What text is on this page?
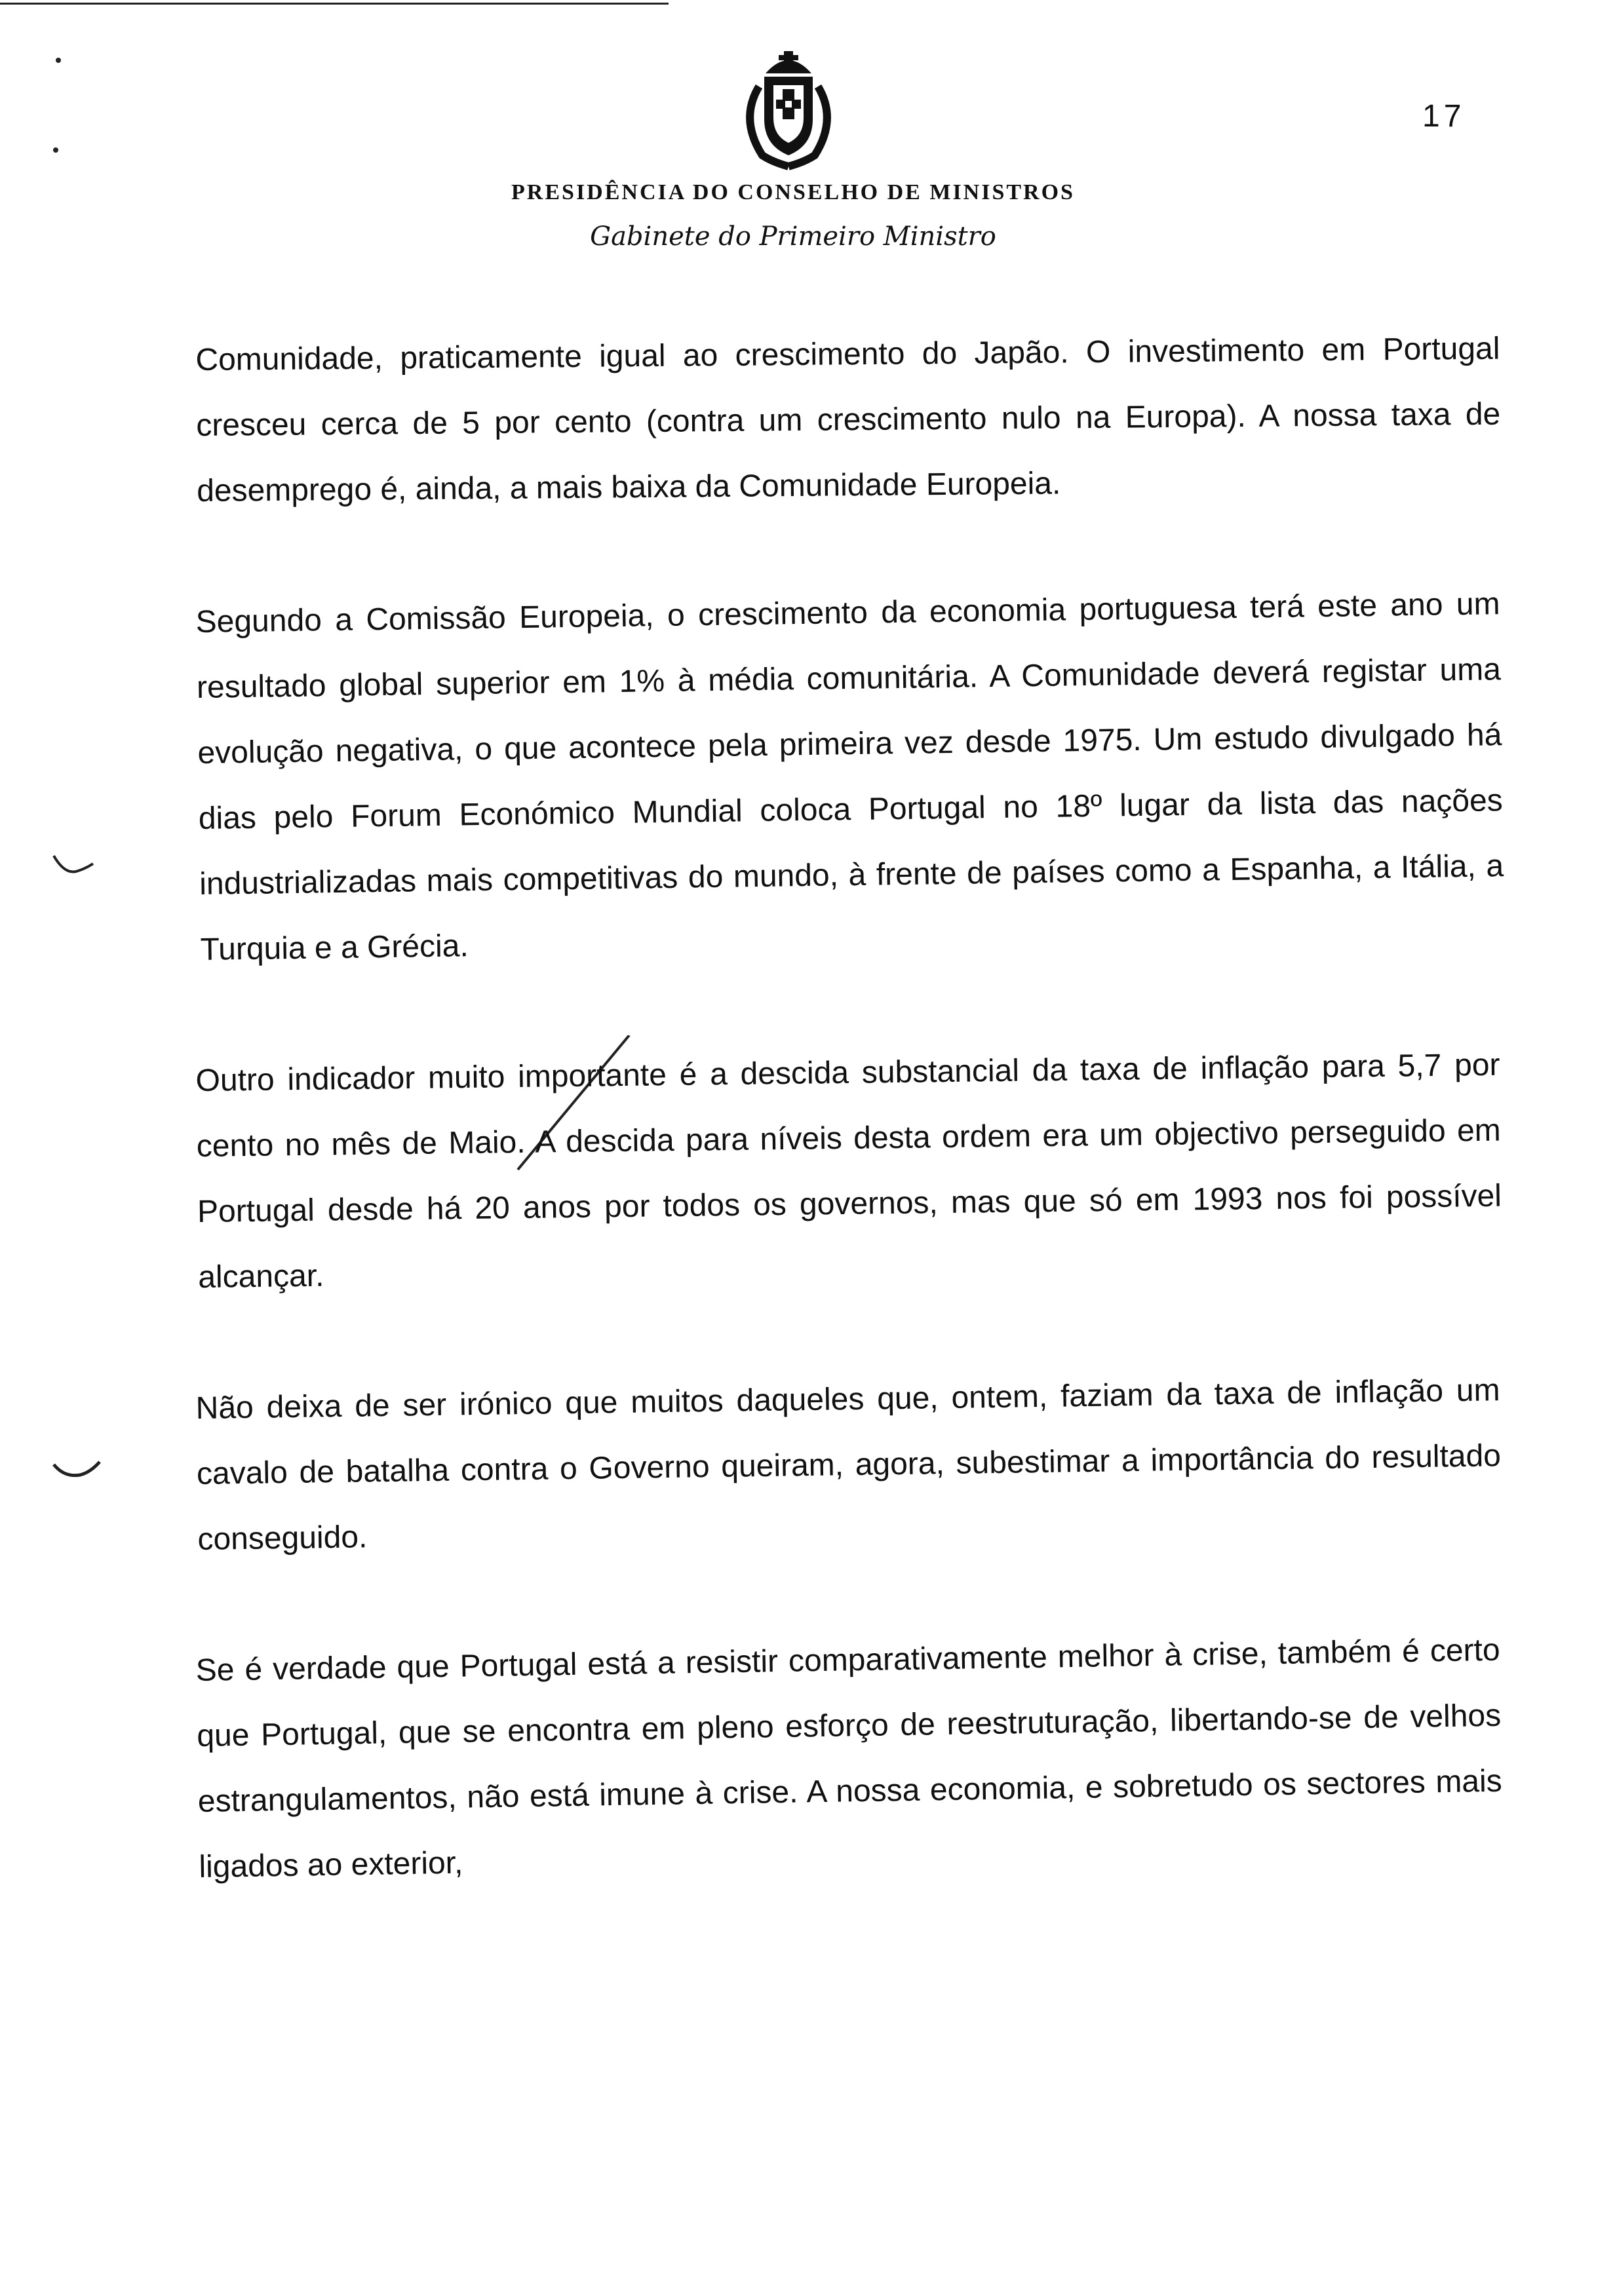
17
PRESIDÊNCIA DO CONSELHO DE MINISTROS
Gabinete do Primeiro Ministro

Comunidade, praticamente igual ao crescimento do Japão. O investimento em Portugal cresceu cerca de 5 por cento (contra um crescimento nulo na Europa). A nossa taxa de desemprego é, ainda, a mais baixa da Comunidade Europeia.

Segundo a Comissão Europeia, o crescimento da economia portuguesa terá este ano um resultado global superior em 1% à média comunitária. A Comunidade deverá registar uma evolução negativa, o que acontece pela primeira vez desde 1975. Um estudo divulgado há dias pelo Forum Económico Mundial coloca Portugal no 18º lugar da lista das nações industrializadas mais competitivas do mundo, à frente de países como a Espanha, a Itália, a Turquia e a Grécia.

Outro indicador muito importante é a descida substancial da taxa de inflação para 5,7 por cento no mês de Maio. A descida para níveis desta ordem era um objectivo perseguido em Portugal desde há 20 anos por todos os governos, mas que só em 1993 nos foi possível alcançar.

Não deixa de ser irónico que muitos daqueles que, ontem, faziam da taxa de inflação um cavalo de batalha contra o Governo queiram, agora, subestimar a importância do resultado conseguido.

Se é verdade que Portugal está a resistir comparativamente melhor à crise, também é certo que Portugal, que se encontra em pleno esforço de reestruturação, libertando-se de velhos estrangulamentos, não está imune à crise. A nossa economia, e sobretudo os sectores mais ligados ao exterior,
